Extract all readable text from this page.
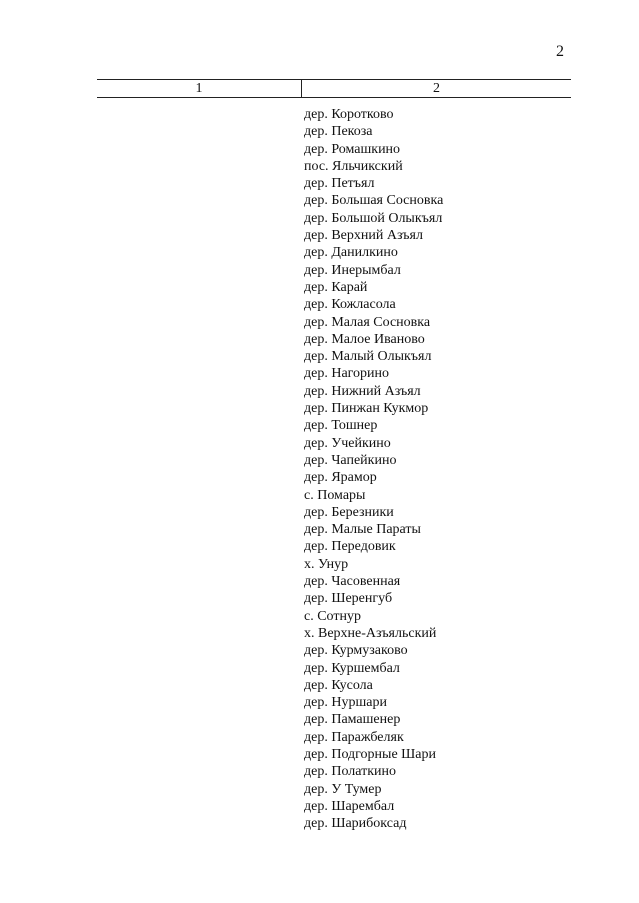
2
1	2
дер. Коротково
дер. Пекоза
дер. Ромашкино
пос. Яльчикский
дер. Петъял
дер. Большая Сосновка
дер. Большой Олыкъял
дер. Верхний Азъял
дер. Данилкино
дер. Инерымбал
дер. Карай
дер. Кожласола
дер. Малая Сосновка
дер. Малое Иваново
дер. Малый Олыкъял
дер. Нагорино
дер. Нижний Азъял
дер. Пинжан Кукмор
дер. Тошнер
дер. Учейкино
дер. Чапейкино
дер. Ярамор
с. Помары
дер. Березники
дер. Малые Параты
дер. Передовик
х. Унур
дер. Часовенная
дер. Шеренгуб
с. Сотнур
х. Верхне-Азъяльский
дер. Курмузаково
дер. Куршембал
дер. Кусола
дер. Нуршари
дер. Памашенер
дер. Паражбеляк
дер. Подгорные Шари
дер. Полаткино
дер. У Тумер
дер. Шарембал
дер. Шарибоксад
